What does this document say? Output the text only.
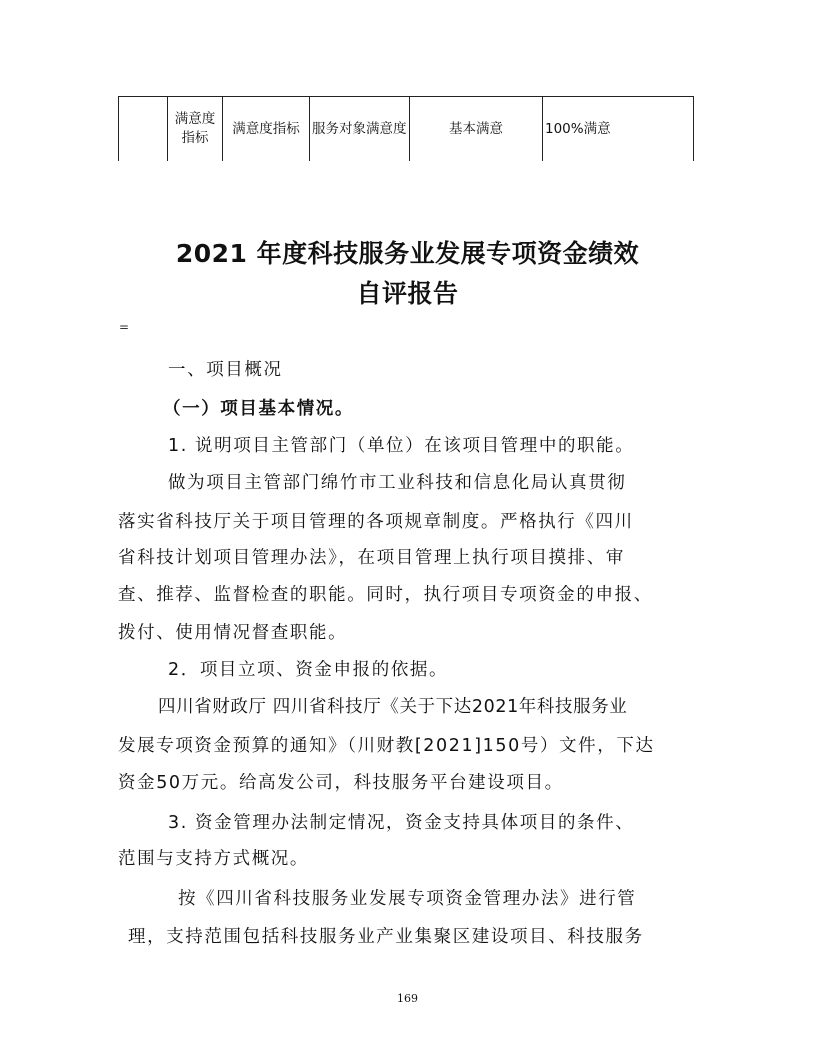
	满意度指标	满意度指标	服务对象满意度	基本满意	100%满意
2021 年度科技服务业发展专项资金绩效
自评报告
=
一、项目概况
（一）项目基本情况。
1. 说明项目主管部门（单位）在该项目管理中的职能。
做为项目主管部门绵竹市工业科技和信息化局认真贯彻
落实省科技厅关于项目管理的各项规章制度。严格执行《四川
省科技计划项目管理办法》，在项目管理上执行项目摸排、审
查、推荐、监督检查的职能。同时，执行项目专项资金的申报、
拨付、使用情况督查职能。
2．项目立项、资金申报的依据。
四川省财政厅 四川省科技厅《关于下达2021年科技服务业
发展专项资金预算的通知》（川财教[2021]150号）文件，下达
资金50万元。给高发公司，科技服务平台建设项目。
3. 资金管理办法制定情况，资金支持具体项目的条件、
范围与支持方式概况。
按《四川省科技服务业发展专项资金管理办法》进行管
理，支持范围包括科技服务业产业集聚区建设项目、科技服务
169
